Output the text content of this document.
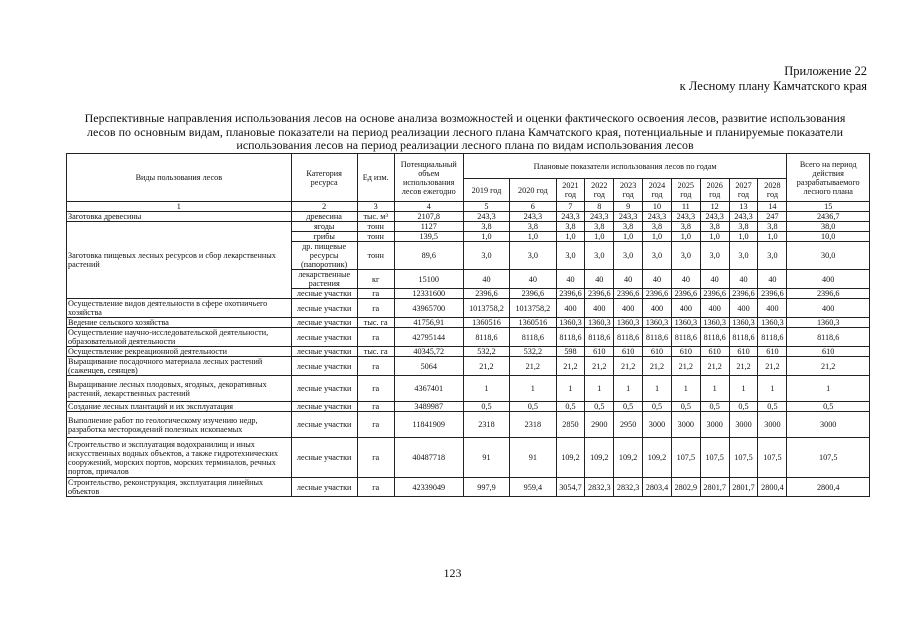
Приложение 22
к Лесному плану Камчатского края
Перспективные направления использования лесов на основе анализа возможностей и оценки фактического освоения лесов, развитие использования лесов по основным видам, плановые показатели на период реализации лесного плана Камчатского края, потенциальные и планируемые показатели использования лесов на период реализации лесного плана по видам использования лесов
Виды пользования лесов	Категория ресурса	Ед изм.	Потенциальный объем использования лесов ежегодно	Плановые показатели использования лесов по годам										Всего на период действия разрабатываемого лесного плана
				2019 год	2020 год	2021 год	2022 год	2023 год	2024 год	2025 год	2026 год	2027 год	2028 год	
1	2	3	4	5	6	7	8	9	10	11	12	13	14	15
Заготовка древесины	древесина	тыс. м³	2107,8	243,3	243,3	243,3	243,3	243,3	243,3	243,3	243,3	243,3	247	2436,7
Заготовка пищевых лесных ресурсов и сбор лекарственных растений	ягоды	тонн	1127	3,8	3,8	3,8	3,8	3,8	3,8	3,8	3,8	3,8	3,8	38,0
	грибы	тонн	139,5	1,0	1,0	1,0	1,0	1,0	1,0	1,0	1,0	1,0	1,0	10,0
	др. пищевые ресурсы (папоротник)	тонн	89,6	3,0	3,0	3,0	3,0	3,0	3,0	3,0	3,0	3,0	3,0	30,0
	лекарственные растения	кг	15100	40	40	40	40	40	40	40	40	40	40	400
	лесные участки	га	12331600	2396,6	2396,6	2396,6	2396,6	2396,6	2396,6	2396,6	2396,6	2396,6	2396,6	2396,6
Осуществление видов деятельности в сфере охотничьего хозяйства	лесные участки	га	43965700	1013758,2	1013758,2	400	400	400	400	400	400	400	400	400
Ведение сельского хозяйства	лесные участки	тыс. га	41756,91	1360516	1360516	1360,3	1360,3	1360,3	1360,3	1360,3	1360,3	1360,3	1360,3	1360,3
Осуществление научно-исследовательской деятельности, образовательной деятельности	лесные участки	га	42795144	8118,6	8118,6	8118,6	8118,6	8118,6	8118,6	8118,6	8118,6	8118,6	8118,6	8118,6
Осуществление рекреационной деятельности	лесные участки	тыс. га	40345,72	532,2	532,2	598	610	610	610	610	610	610	610	610
Выращивание посадочного материала лесных растений (саженцев, сеянцев)	лесные участки	га	5064	21,2	21,2	21,2	21,2	21,2	21,2	21,2	21,2	21,2	21,2	21,2
Выращивание лесных плодовых, ягодных, декоративных растений, лекарственных растений	лесные участки	га	4367401	1	1	1	1	1	1	1	1	1	1	1
Создание лесных плантаций и их эксплуатация	лесные участки	га	3489987	0,5	0,5	0,5	0,5	0,5	0,5	0,5	0,5	0,5	0,5	0,5
Выполнение работ по геологическому изучению недр, разработка месторождений полезных ископаемых	лесные участки	га	11841909	2318	2318	2850	2900	2950	3000	3000	3000	3000	3000	3000
Строительство и эксплуатация водохранилищ и иных искусственных водных объектов, а также гидротехнических сооружений, морских портов, морских терминалов, речных портов, причалов	лесные участки	га	40487718	91	91	109,2	109,2	109,2	109,2	107,5	107,5	107,5	107,5	107,5
Строительство, реконструкция, эксплуатация линейных объектов	лесные участки	га	42339049	997,9	959,4	3054,7	2832,3	2832,3	2803,4	2802,9	2801,7	2801,7	2800,4	2800,4
123
